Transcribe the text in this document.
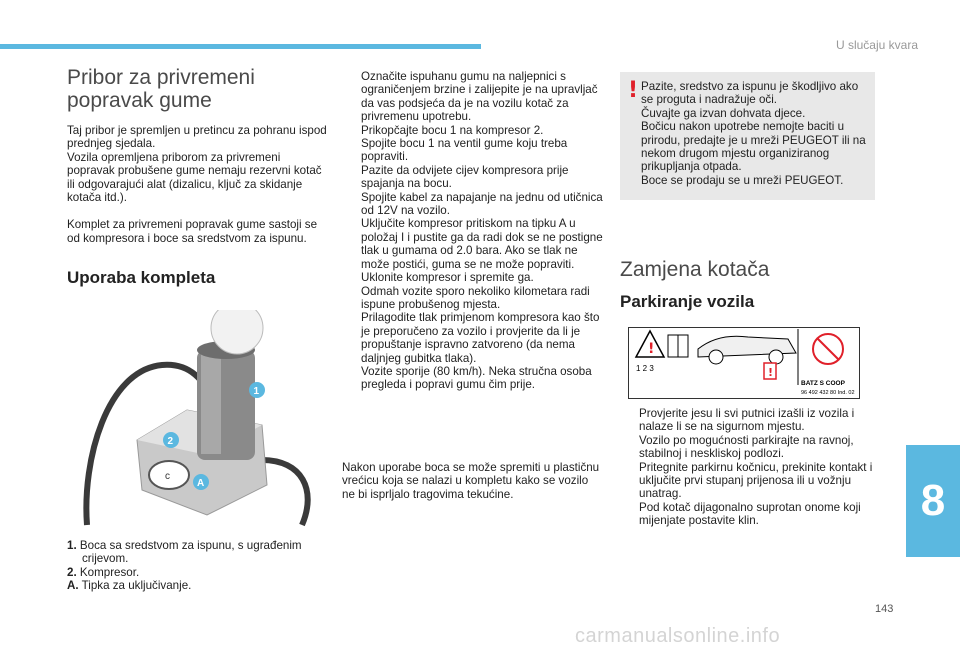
U slučaju kvara
Pribor za privremeni popravak gume

Taj pribor je spremljen u pretincu za pohranu ispod prednjeg sjedala.

Vozila opremljena priborom za privremeni popravak probušene gume nemaju rezervni kotač ili odgovarajući alat (dizalicu, ključ za skidanje kotača itd.).

Komplet za privremeni popravak gume sastoji se od kompresora i boce sa sredstvom za ispunu.

Uporaba kompleta
c
1
2
A

1. Boca sa sredstvom za ispunu, s ugrađenim crijevom.

2. Kompresor.

A. Tipka za uključivanje.

Označite ispuhanu gumu na naljepnici s ograničenjem brzine i zalijepite je na upravljač da vas podsjeća da je na vozilu kotač za privremenu upotrebu.
Prikopčajte bocu 1 na kompresor 2.
Spojite bocu 1 na ventil gume koju treba popraviti.
Pazite da odvijete cijev kompresora prije spajanja na bocu.
Spojite kabel za napajanje na jednu od utičnica od 12V na vozilo.
Uključite kompresor pritiskom na tipku A u položaj I i pustite ga da radi dok se ne postigne tlak u gumama od 2.0 bara. Ako se tlak ne može postići, guma se ne može popraviti.
Uklonite kompresor i spremite ga.
Odmah vozite sporo nekoliko kilometara radi ispune probušenog mjesta.
Prilagodite tlak primjenom kompresora kao što je preporučeno za vozilo i provjerite da li je propuštanje ispravno zatvoreno (da nema daljnjeg gubitka tlaka).
Vozite sporije (80 km/h). Neka stručna osoba pregleda i popravi gumu čim prije.
Nakon uporabe boca se može spremiti u plastičnu vrećicu koja se nalazi u kompletu kako se vozilo ne bi isprljalo tragovima tekućine.
! Pazite, sredstvo za ispunu je škodljivo ako se proguta i nadražuje oči.

Čuvajte ga izvan dohvata djece.

Bočicu nakon upotrebe nemojte baciti u prirodu, predajte je u mreži PEUGEOT ili na nekom drugom mjestu organiziranog prikupljanja otpada.

Boce se prodaju se u mreži PEUGEOT.

Zamjena kotača
Parkiranje vozila
!
!
1 2 3
BATZ S COOP
96 492 432 80 Ind. 02
Provjerite jesu li svi putnici izašli iz vozila i nalaze li se na sigurnom mjestu.
Vozilo po mogućnosti parkirajte na ravnoj, stabilnoj i neskliskoj podlozi.
Pritegnite parkirnu kočnicu, prekinite kontakt i uključite prvi stupanj prijenosa ili u vožnju unatrag.
Pod kotač dijagonalno suprotan onome koji mijenjate postavite klin.	8
143
carmanualsonline.info
